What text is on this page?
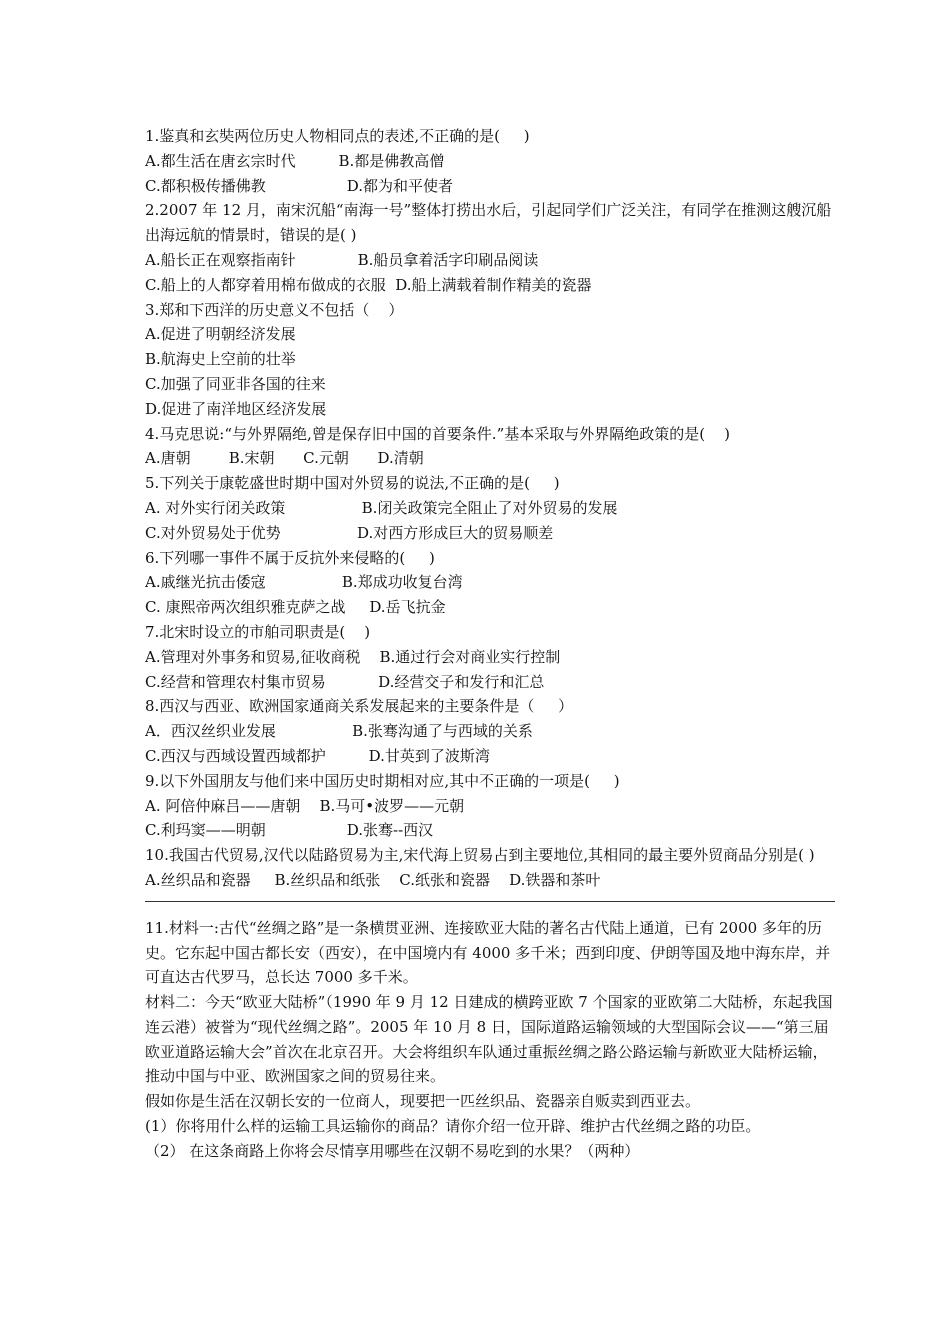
1.鉴真和玄奘两位历史人物相同点的表述,不正确的是(     )
A.都生活在唐玄宗时代         B.都是佛教高僧
C.都积极传播佛教                 D.都为和平使者
2.2007 年 12 月，南宋沉船“南海一号”整体打捞出水后，引起同学们广泛关注，有同学在推测这艘沉船出海远航的情景时，错误的是( )
A.船长正在观察指南针             B.船员拿着活字印刷品阅读
C.船上的人都穿着用棉布做成的衣服  D.船上满载着制作精美的瓷器
3.郑和下西洋的历史意义不包括（    ）
A.促进了明朝经济发展
B.航海史上空前的壮举
C.加强了同亚非各国的往来
D.促进了南洋地区经济发展
4.马克思说:“与外界隔绝,曾是保存旧中国的首要条件.”基本采取与外界隔绝政策的是(    )
A.唐朝        B.宋朝      C.元朝      D.清朝
5.下列关于康乾盛世时期中国对外贸易的说法,不正确的是(     )
A. 对外实行闭关政策                B.闭关政策完全阻止了对外贸易的发展
C.对外贸易处于优势                D.对西方形成巨大的贸易顺差
6.下列哪一事件不属于反抗外来侵略的(     )
A.戚继光抗击倭寇                B.郑成功收复台湾
C. 康熙帝两次组织雅克萨之战     D.岳飞抗金
7.北宋时设立的市舶司职责是(    )
A.管理对外事务和贸易,征收商税    B.通过行会对商业实行控制
C.经营和管理农村集市贸易           D.经营交子和发行和汇总
8.西汉与西亚、欧洲国家通商关系发展起来的主要条件是（     ）
A．西汉丝织业发展                B.张骞沟通了与西域的关系
C.西汉与西域设置西域都护         D.甘英到了波斯湾
9.以下外国朋友与他们来中国历史时期相对应,其中不正确的一项是(     )
A. 阿倍仲麻吕——唐朝    B.马可•波罗——元朝
C.利玛窦——明朝                 D.张骞--西汉
10.我国古代贸易,汉代以陆路贸易为主,宋代海上贸易占到主要地位,其相同的最主要外贸商品分别是( )
A.丝织品和瓷器     B.丝织品和纸张    C.纸张和瓷器    D.铁器和茶叶
11.材料一:古代“丝绸之路”是一条横贯亚洲、连接欧亚大陆的著名古代陆上通道，已有 2000 多年的历史。它东起中国古都长安（西安），在中国境内有 4000 多千米；西到印度、伊朗等国及地中海东岸，并可直达古代罗马，总长达 7000 多千米。
材料二：今天“欧亚大陆桥”（1990 年 9 月 12 日建成的横跨亚欧 7 个国家的亚欧第二大陆桥，东起我国连云港）被誉为“现代丝绸之路”。2005 年 10 月 8 日，国际道路运输领域的大型国际会议——“第三届欧亚道路运输大会”首次在北京召开。大会将组织车队通过重振丝绸之路公路运输与新欧亚大陆桥运输，推动中国与中亚、欧洲国家之间的贸易往来。
假如你是生活在汉朝长安的一位商人，现要把一匹丝织品、瓷器亲自贩卖到西亚去。
(1）你将用什么样的运输工具运输你的商品？请你介绍一位开辟、维护古代丝绸之路的功臣。
（2） 在这条商路上你将会尽情享用哪些在汉朝不易吃到的水果？（两种）
